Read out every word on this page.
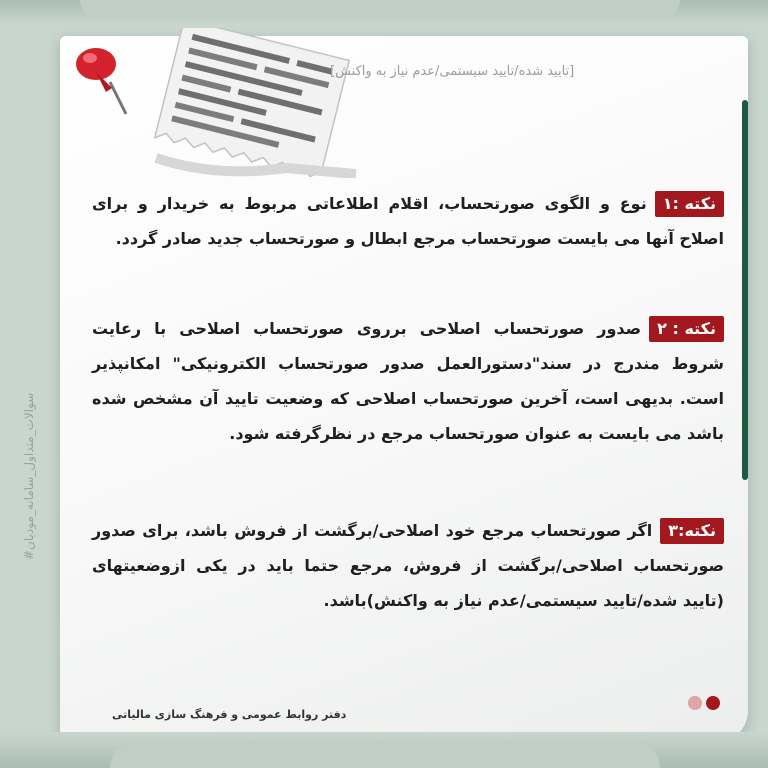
#سوالات_متداول_سامانه_مودیان
[تایید شده/تایید سیستمی/عدم نیاز به واکنش]
نکته :۱نوع و الگوی صورتحساب، اقلام اطلاعاتی مربوط به خریدار و برای اصلاح آنها می بایست صورتحساب مرجع ابطال و صورتحساب جدید صادر گردد.
نکته : ۲صدور صورتحساب اصلاحی برروی صورتحساب اصلاحی با رعایت شروط مندرج در سند"دستورالعمل صدور صورتحساب الکترونیکی" امکانپذیر است. بدیهی است، آخرین صورتحساب اصلاحی که وضعیت تایید آن مشخص شده باشد می بایست به عنوان صورتحساب مرجع در نظرگرفته شود.
نکته:۳اگر صورتحساب مرجع خود اصلاحی/برگشت از فروش باشد، برای صدور صورتحساب اصلاحی/برگشت از فروش، مرجع حتما باید در یکی ازوضعیتهای (تایید شده/تایید سیستمی/عدم نیاز به واکنش)باشد.
دفتر روابط عمومی و فرهنگ سازی مالیاتی
